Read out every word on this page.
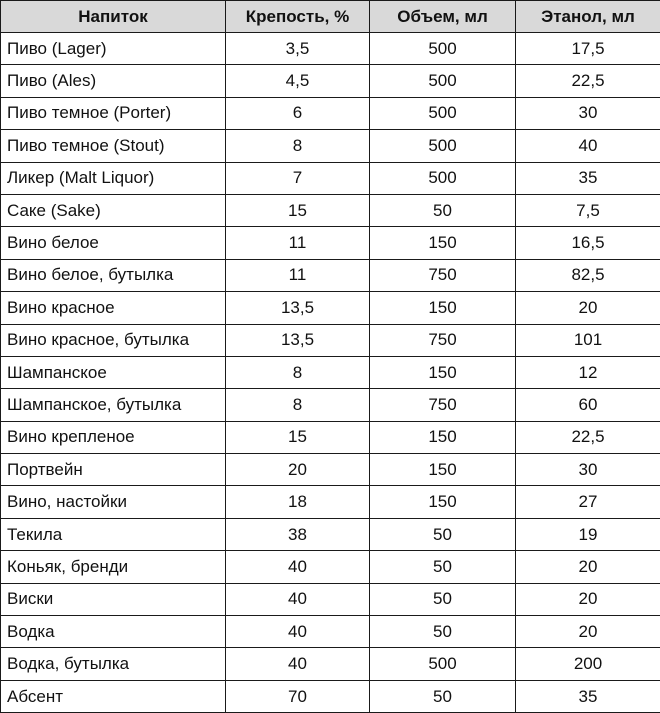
Напиток	Крепость, %	Объем, мл	Этанол, мл
Пиво (Lager)	3,5	500	17,5
Пиво (Ales)	4,5	500	22,5
Пиво темное (Porter)	6	500	30
Пиво темное (Stout)	8	500	40
Ликер (Malt Liquor)	7	500	35
Саке (Sake)	15	50	7,5
Вино белое	11	150	16,5
Вино белое, бутылка	11	750	82,5
Вино красное	13,5	150	20
Вино красное, бутылка	13,5	750	101
Шампанское	8	150	12
Шампанское, бутылка	8	750	60
Вино крепленое	15	150	22,5
Портвейн	20	150	30
Вино, настойки	18	150	27
Текила	38	50	19
Коньяк, бренди	40	50	20
Виски	40	50	20
Водка	40	50	20
Водка, бутылка	40	500	200
Абсент	70	50	35
